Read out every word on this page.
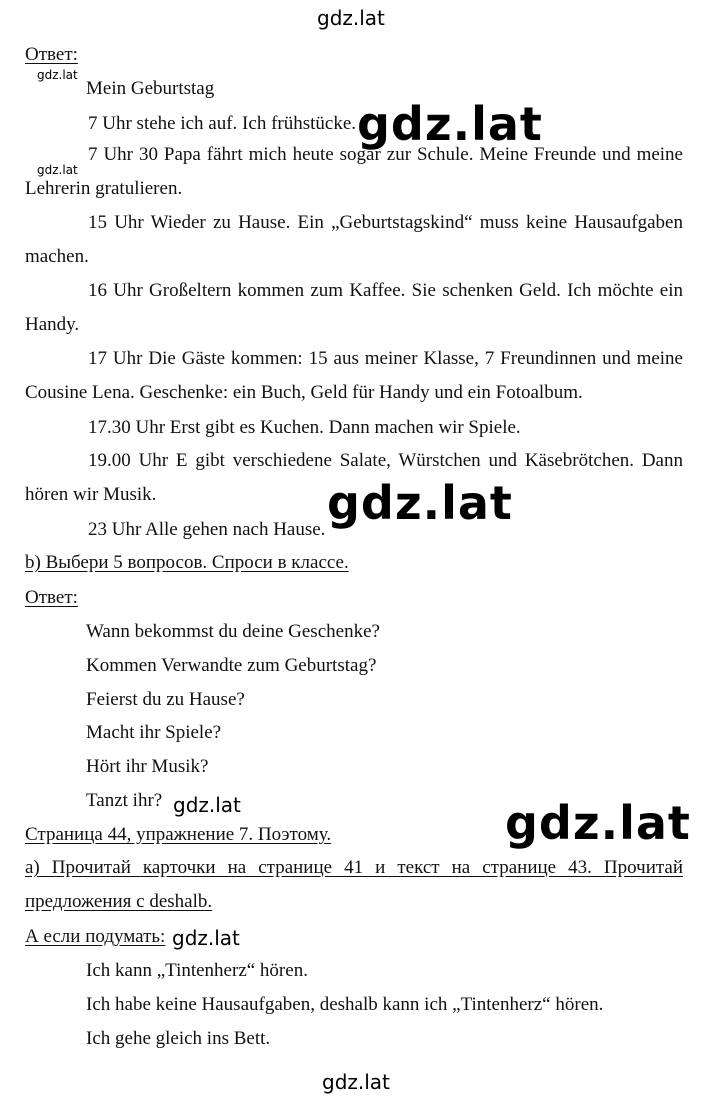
gdz.lat
gdz.lat
gdz.lat
gdz.lat
gdz.lat
gdz.lat	gdz.lat
gdz.lat
gdz.lat
Ответ:
Mein Geburtstag
7 Uhr stehe ich auf. Ich frühstücke.
7 Uhr 30 Papa fährt mich heute sogar zur Schule. Meine Freunde und meine Lehrerin gratulieren.
15 Uhr Wieder zu Hause. Ein „Geburtstagskind“ muss keine Hausaufgaben machen.
16 Uhr Großeltern kommen zum Kaffee. Sie schenken Geld. Ich möchte ein Handy.
17 Uhr Die Gäste kommen: 15 aus meiner Klasse, 7 Freundinnen und meine Cousine Lena. Geschenke: ein Buch, Geld für Handy und ein Fotoalbum.
17.30 Uhr Erst gibt es Kuchen. Dann machen wir Spiele.
19.00 Uhr E gibt verschiedene Salate, Würstchen und Käsebrötchen. Dann hören wir Musik.
23 Uhr Alle gehen nach Hause.
b) Выбери 5 вопросов. Спроси в классе.
Ответ:
Wann bekommst du deine Geschenke?
Kommen Verwandte zum Geburtstag?
Feierst du zu Hause?
Macht ihr Spiele?
Hört ihr Musik?
Tanzt ihr?
Страница 44, упражнение 7. Поэтому.
а) Прочитай карточки на странице 41 и текст на странице 43. Прочитай предложения с deshalb.
А если подумать:
Ich kann „Tintenherz“ hören.
Ich habe keine Hausaufgaben, deshalb kann ich „Tintenherz“ hören.
Ich gehe gleich ins Bett.
